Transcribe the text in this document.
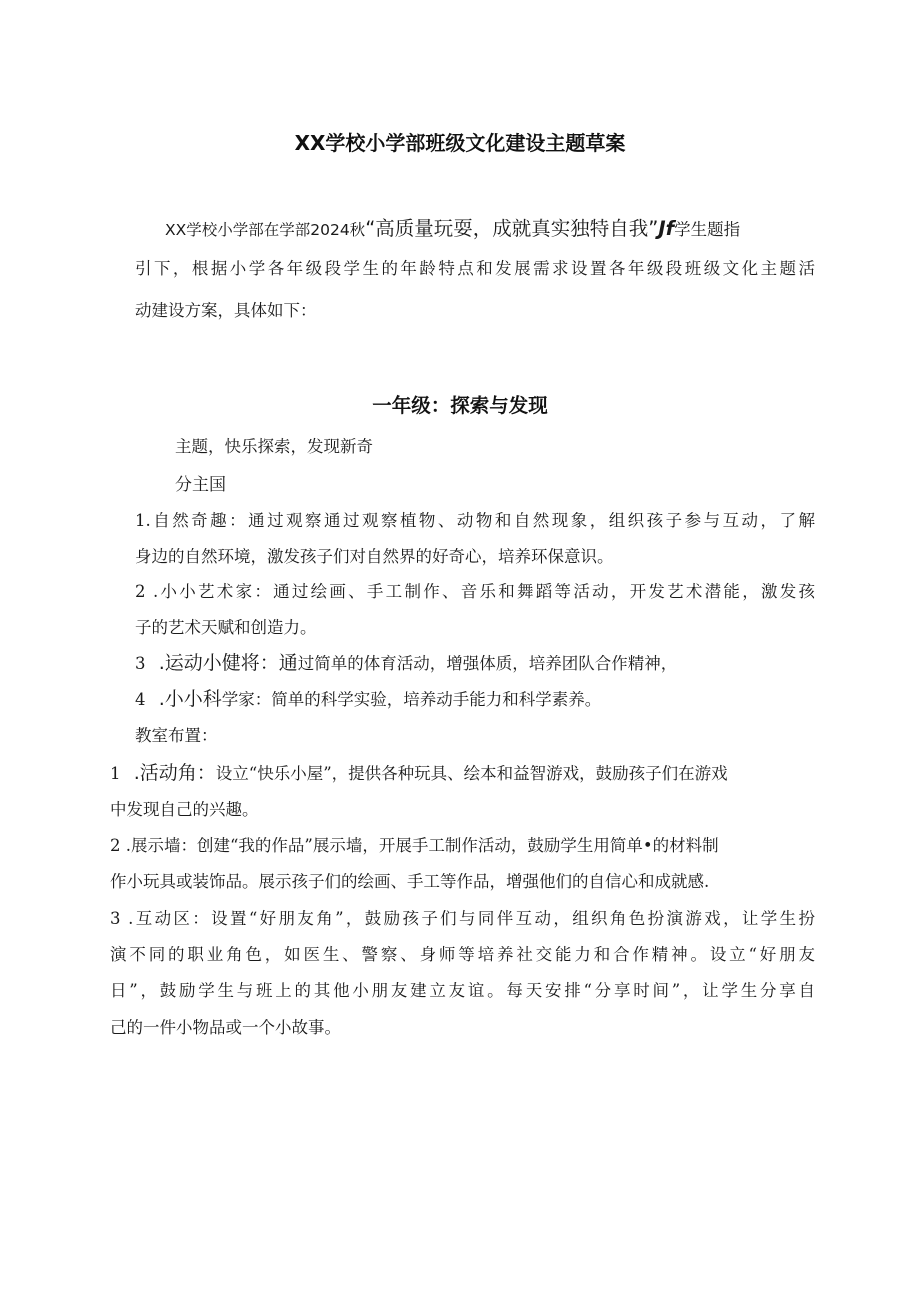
XX学校小学部班级文化建设主题草案
XX学校小学部在学部2024秋“高质量玩耍，成就真实独特自我”Jf学生题指
引下，根据小学各年级段学生的年龄特点和发展需求设置各年级段班级文化主题活
动建设方案，具体如下：
一年级：探索与发现
主题，快乐探索，发现新奇
分主国
1.自然奇趣：通过观察通过观察植物、动物和自然现象，组织孩子参与互动，了解
身边的自然环境，激发孩子们对自然界的好奇心，培养环保意识。
2 .小小艺术家：通过绘画、手工制作、音乐和舞蹈等活动，开发艺术潜能，激发孩
子的艺术天赋和创造力。
3 .运动小健将：通过简单的体育活动，增强体质，培养团队合作精神，
4 .小小科学家：简单的科学实验，培养动手能力和科学素养。
教室布置：
1 .活动角：设立“快乐小屋”，提供各种玩具、绘本和益智游戏，鼓励孩子们在游戏
中发现自己的兴趣。
2 .展示墙：创建“我的作品”展示墙，开展手工制作活动，鼓励学生用简单•的材料制
作小玩具或装饰品。展示孩子们的绘画、手工等作品，增强他们的自信心和成就感.
3 .互动区：设置“好朋友角”，鼓励孩子们与同伴互动，组织角色扮演游戏，让学生扮
演不同的职业角色，如医生、警察、身师等培养社交能力和合作精神。设立“好朋友
日”，鼓励学生与班上的其他小朋友建立友谊。每天安排“分享时间”，让学生分享自
己的一件小物品或一个小故事。
